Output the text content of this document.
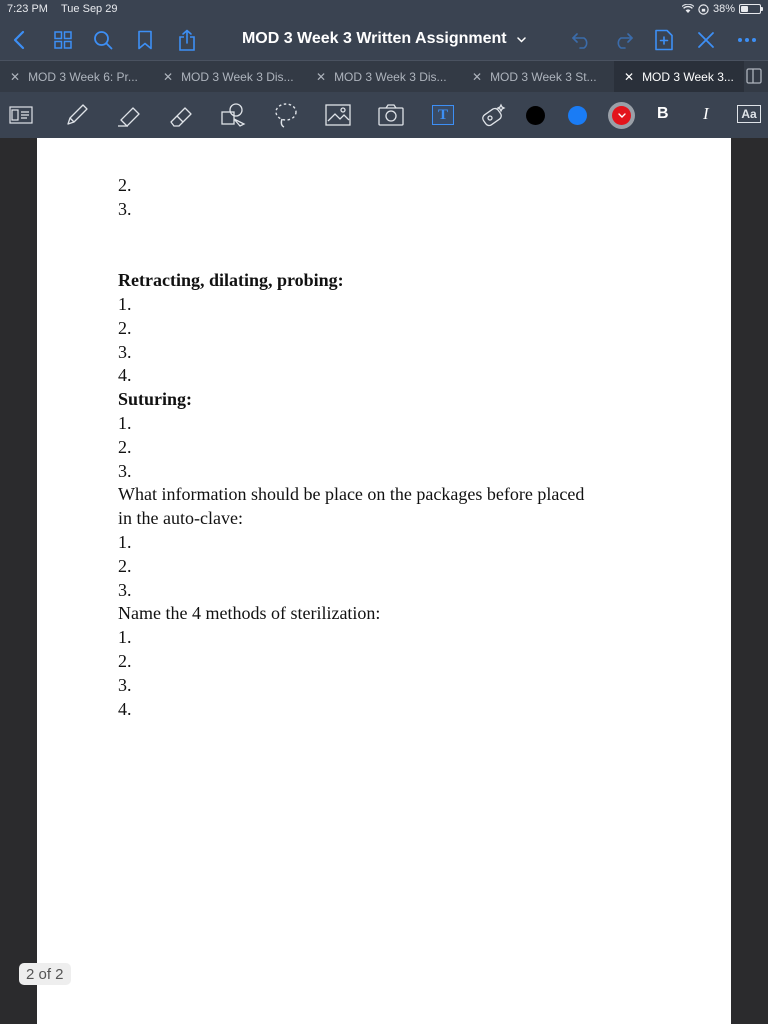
7:23 PM Tue Sep 29	38%
MOD 3 Week 3 Written Assignment
✕ MOD 3 Week 6: Pr... ✕ MOD 3 Week 3 Dis... ✕ MOD 3 Week 3 Dis... ✕ MOD 3 Week 3 St... ✕ MOD 3 Week 3...
T	B I	Aa
2.
3.
Retracting, dilating, probing:
1.
2.
3.
4.
Suturing:
1.
2.
3.
What information should be place on the packages before placed
in the auto-clave:
1.
2.
3.
Name the 4 methods of sterilization:
1.
2.
3.
4.
2 of 2
